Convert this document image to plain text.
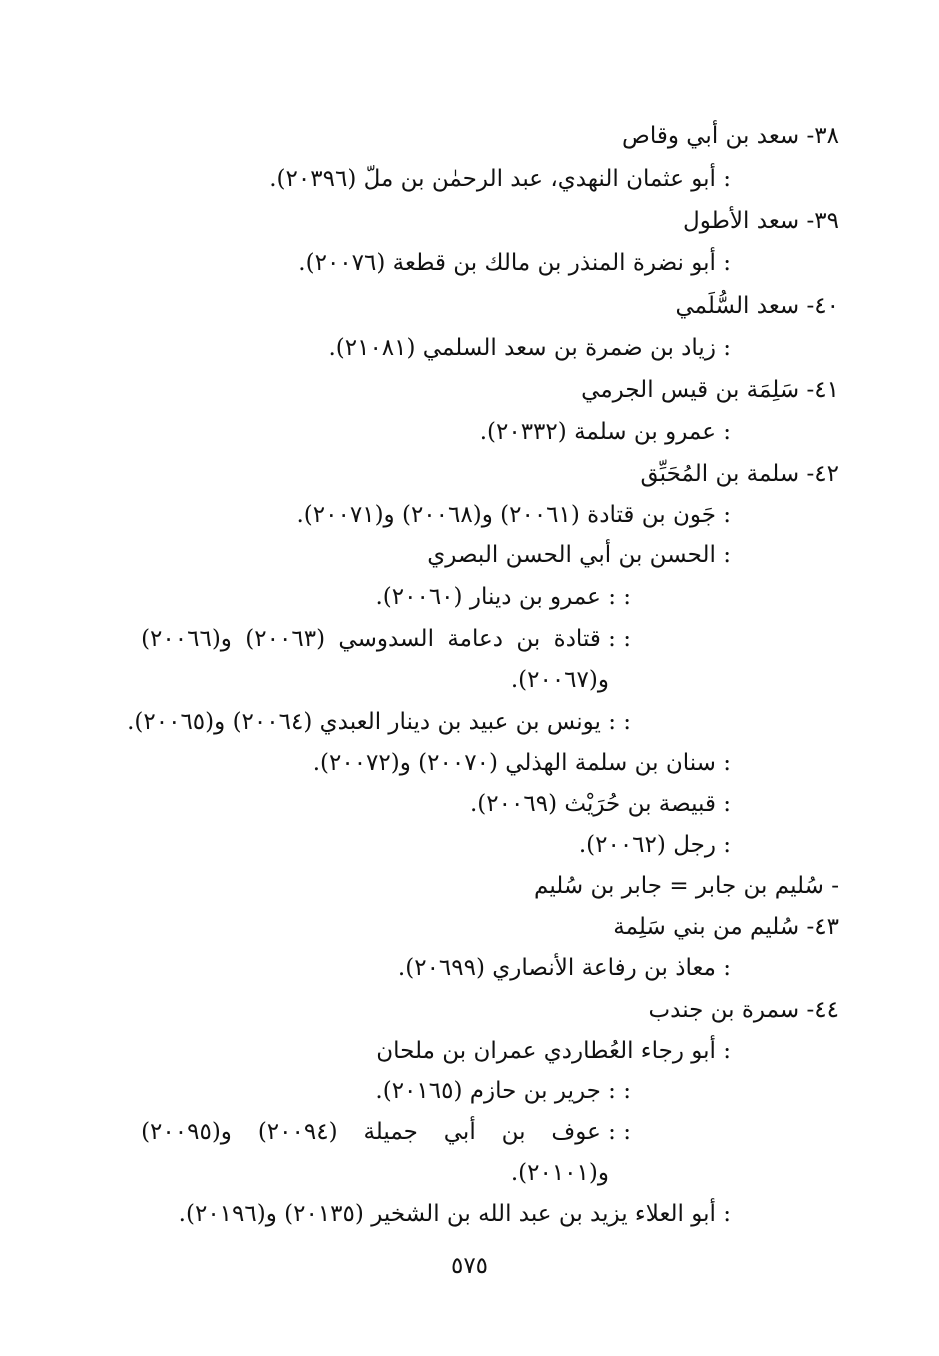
٣٨- سعد بن أبي وقاص
: أبو عثمان النهدي، عبد الرحمٰن بن ملّ (٢٠٣٩٦).
٣٩- سعد الأطول
: أبو نضرة المنذر بن مالك بن قطعة (٢٠٠٧٦).
٤٠- سعد السُّلَمي
: زياد بن ضمرة بن سعد السلمي (٢١٠٨١).
٤١- سَلِمَة بن قيس الجرمي
: عمرو بن سلمة (٢٠٣٣٢).
٤٢- سلمة بن المُحَبِّق
: جَون بن قتادة (٢٠٠٦١) و(٢٠٠٦٨) و(٢٠٠٧١).
: الحسن بن أبي الحسن البصري
: : عمرو بن دينار (٢٠٠٦٠).
: : قتادة
بن
دعامة
السدوسي
(٢٠٠٦٣)
و(٢٠٠٦٦)
و(٢٠٠٦٧).
: : يونس بن عبيد بن دينار العبدي (٢٠٠٦٤) و(٢٠٠٦٥).
: سنان بن سلمة الهذلي (٢٠٠٧٠) و(٢٠٠٧٢).
: قبيصة بن حُرَيْث (٢٠٠٦٩).
: رجل (٢٠٠٦٢).
- سُليم بن جابر = جابر بن سُليم
٤٣- سُليم من بني سَلِمة
: معاذ بن رفاعة الأنصاري (٢٠٦٩٩).
٤٤- سمرة بن جندب
: أبو رجاء العُطاردي عمران بن ملحان
: : جرير بن حازم (٢٠١٦٥).
: : عوف
بن
أبي
جميلة
(٢٠٠٩٤)
و(٢٠٠٩٥)
و(٢٠١٠١).
: أبو العلاء يزيد بن عبد الله بن الشخير (٢٠١٣٥) و(٢٠١٩٦).
٥٧٥
